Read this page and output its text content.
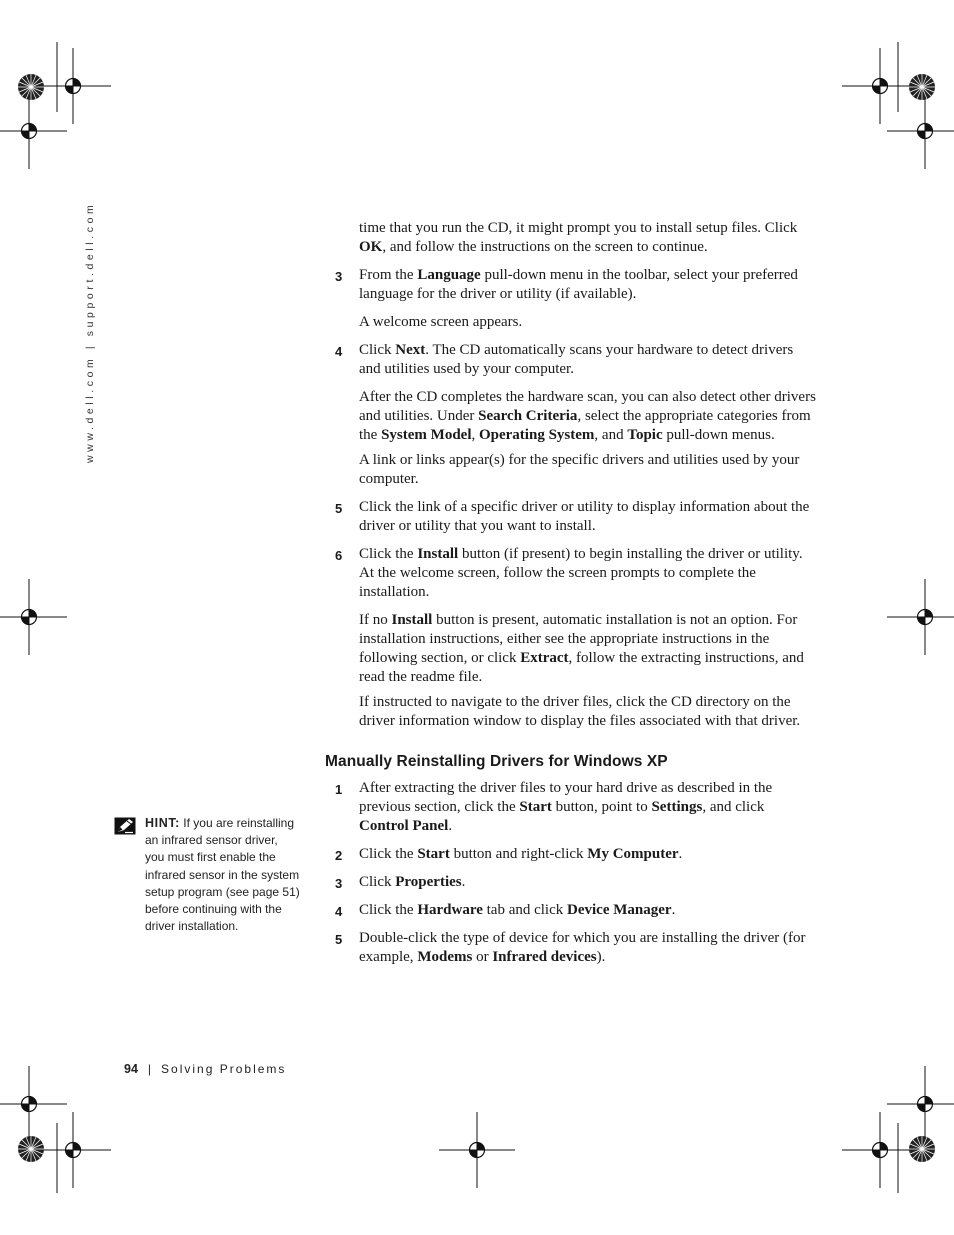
www.dell.com | support.dell.com	time that you run the CD, it might prompt you to install setup files. Click OK, and follow the instructions on the screen to continue.

3 From the Language pull-down menu in the toolbar, select your preferred language for the driver or utility (if available).

A welcome screen appears.

4 Click Next. The CD automatically scans your hardware to detect drivers and utilities used by your computer.

After the CD completes the hardware scan, you can also detect other drivers and utilities. Under Search Criteria, select the appropriate categories from the System Model, Operating System, and Topic pull-down menus.

A link or links appear(s) for the specific drivers and utilities used by your computer.

5 Click the link of a specific driver or utility to display information about the driver or utility that you want to install.

6 Click the Install button (if present) to begin installing the driver or utility. At the welcome screen, follow the screen prompts to complete the installation.

If no Install button is present, automatic installation is not an option. For installation instructions, either see the appropriate instructions in the following section, or click Extract, follow the extracting instructions, and read the readme file.

If instructed to navigate to the driver files, click the CD directory on the driver information window to display the files associated with that driver.

Manually Reinstalling Drivers for Windows XP

1 After extracting the driver files to your hard drive as described in the previous section, click the Start button, point to Settings, and click Control Panel.

2 Click the Start button and right-click My Computer.

3 Click Properties.

4 Click the Hardware tab and click Device Manager.

5 Double-click the type of device for which you are installing the driver (for example, Modems or Infrared devices).

HINT: If you are reinstalling an infrared sensor driver, you must first enable the infrared sensor in the system setup program (see page 51) before continuing with the driver installation.
94 | Solving Problems
